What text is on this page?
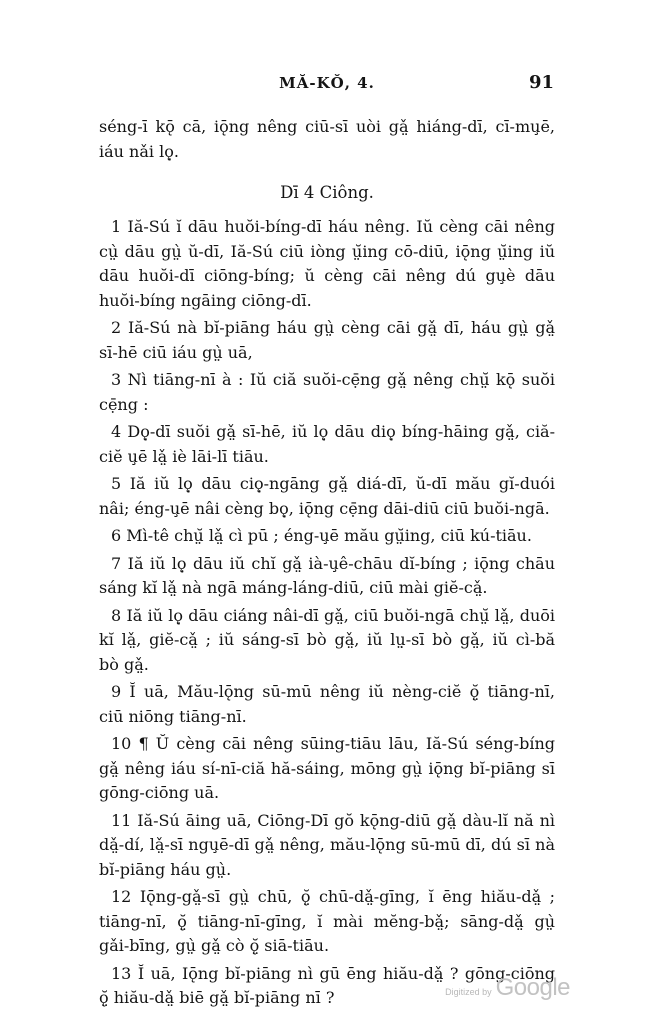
MĂ-KŎ, 4.	91
séng-ī kǭ cā, iǭng nêng ciū-sī uòi gǎ̤ hiáng-dī, cī-mu̧ē,
iáu nǎi lǫ̣.
Dī 4 Ciông.
1 Iă-Sú ĭ dāu huŏi-bíng-dī háu nêng. Iŭ cèng cāi nêng
cṳ̀ dāu gṳ̀ ŭ-dī, Iă-Sú ciū iòng ṳ̆ing cō-diū, iǭng ṳ̆ing iŭ
dāu huŏi-dī ciōng-bíng; ŭ cèng cāi nêng dú gu̧è dāu
huŏi-bíng ngāing ciōng-dī.
2 Iă-Sú nà bĭ-piāng háu gṳ̀ cèng cāi gǎ̤ dī, háu gṳ̀ gǎ̤
sī-hē ciū iáu gṳ̀ uā,
3 Nì tiāng-nī à : Iŭ ciă suŏi-cẹ̄ng gǎ̤ nêng chṳ̆ kǭ suŏi
cẹ̄ng :
4 Dǫ̣-dī suŏi gǎ̤ sī-hē, iŭ lǫ̣ dāu diǫ̣ bíng-hāing gǎ̤, ciă-
ciĕ u̧ē lǎ̤ iè lāi-lī tiāu.
5 Iă iŭ lǫ̣ dāu ciǫ̣-ngāng gǎ̤ diá-dī, ŭ-dī mău gĭ-duói
nâi; éng-u̧ē nâi cèng bǫ̣, iǭng cẹ̄ng dāi-diū ciū buŏi-ngā.
6 Mì-tê chṳ̆ lǎ̤ cì pū ; éng-u̧ē mău gṳ̆ing, ciū kú-tiāu.
7 Iă iŭ lǫ̣ dāu iŭ chĭ gǎ̤ ià-u̧ê-chāu dĭ-bíng ; iǭng chāu
sáng kĭ lǎ̤ nà ngā máng-láng-diū, ciū mài giĕ-cǎ̤.
8 Iă iŭ lǫ̣ dāu ciáng nâi-dī gǎ̤, ciū buŏi-ngā chṳ̆ lǎ̤, duōi
kĭ lǎ̤, giĕ-cǎ̤ ; iŭ sáng-sī bò gǎ̤, iŭ lṳ̣-sī bò gǎ̤, iŭ cì-bă
bò gǎ̤.
9 Ĭ uā, Mău-lǭng sū-mū nêng iŭ nèng-ciĕ ǫ̤̆ tiāng-nī,
ciū niōng tiāng-nī.
10 ¶ Ŭ cèng cāi nêng sūing-tiāu lāu, Iă-Sú séng-bíng
gǎ̤ nêng iáu sí-nī-ciă hă-sáing, mōng gṳ̀ iǭng bĭ-piāng sī
gōng-ciōng uā.
11 Iă-Sú āing uā, Ciōng-Dī gŏ kǭng-diū gǎ̤ dàu-lĭ nă nì
dǎ̤-dí, lǎ̤-sī ngu̧ē-dī gǎ̤ nêng, mău-lǭng sū-mū dī, dú sī nà
bĭ-piāng háu gṳ̀.
12 Iǭng-gǎ̤-sī gṳ̀ chū, ǫ̤̆ chū-dǎ̤-gīng, ĭ ēng hiău-dǎ̤ ;
tiāng-nī, ǫ̤̆ tiāng-nī-gīng, ĭ mài mĕng-bǎ̤; sāng-dǎ̤ gṳ̀
gǎi-bīng, gṳ̀ gǎ̤ cò ǫ̤̆ siā-tiāu.
13 Ĭ uā, Iǭng bĭ-piāng nì gū ēng hiău-dǎ̤ ? gōng-ciōng
ǫ̤̆ hiău-dǎ̤ biē gǎ̤ bĭ-piāng nī ?	Digitized by Google
